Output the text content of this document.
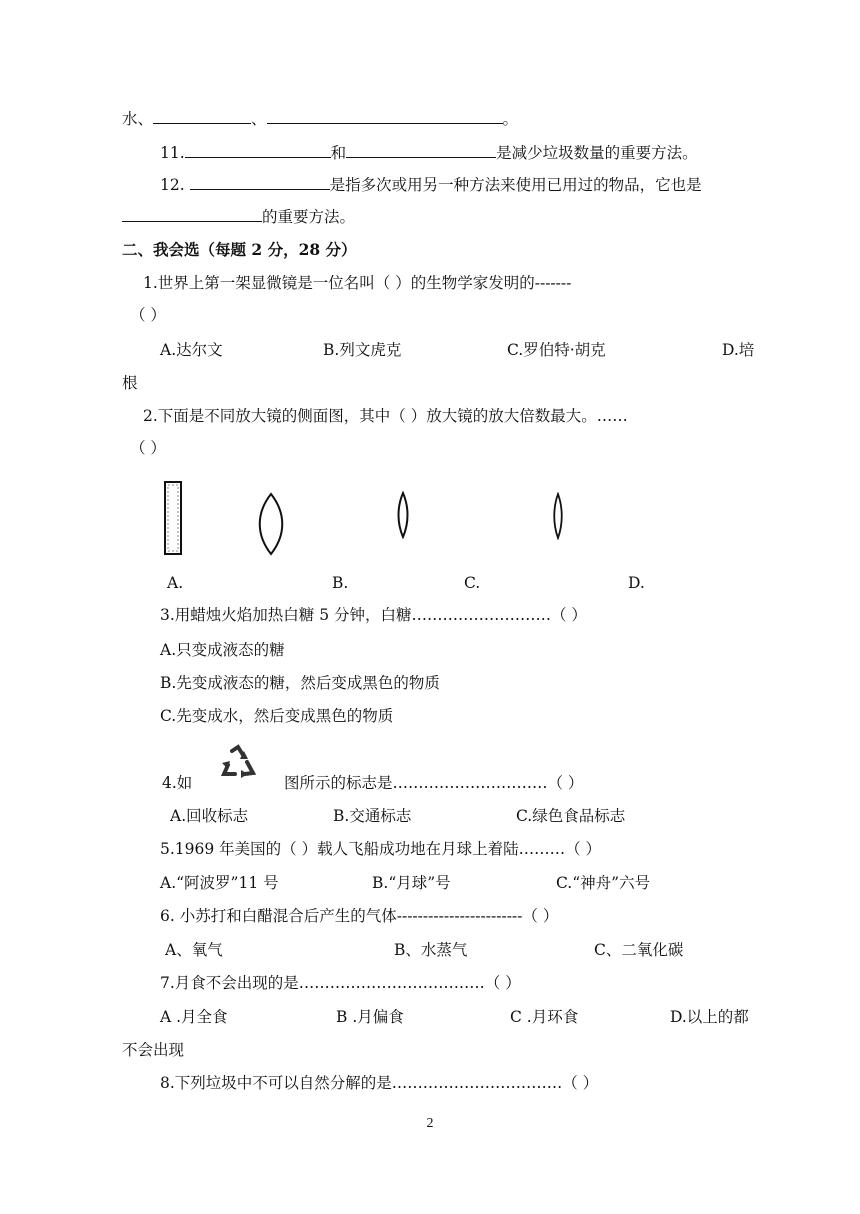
水、	、	。
11.	和	是减少垃圾数量的重要方法。
12.	是指多次或用另一种方法来使用已用过的物品，它也是
的重要方法。
二、我会选（每题 2 分，28 分）
1.世界上第一架显微镜是一位名叫（ ）的生物学家发明的-------
（ ）
A.达尔文	B.列文虎克	C.罗伯特·胡克	D.培
根
2.下面是不同放大镜的侧面图，其中（ ）放大镜的放大倍数最大。……
（ ）
A.	B.	C.	D.
3.用蜡烛火焰加热白糖 5 分钟，白糖………………………（ ）
A.只变成液态的糖
B.先变成液态的糖，然后变成黑色的物质
C.先变成水，然后变成黑色的物质
4.如	图所示的标志是…………………………（ ）
A.回收标志	B.交通标志	C.绿色食品标志
5.1969 年美国的（ ）载人飞船成功地在月球上着陆………（ ）
A.“阿波罗”11 号	B.“月球”号	C.“神舟”六号
6. 小苏打和白醋混合后产生的气体------------------------（ ）
A、氧气	B、水蒸气	C、二氧化碳
7.月食不会出现的是………………………………（ ）
A .月全食	B .月偏食	C .月环食	D.以上的都
不会出现
8.下列垃圾中不可以自然分解的是……………………………（ ）
2
